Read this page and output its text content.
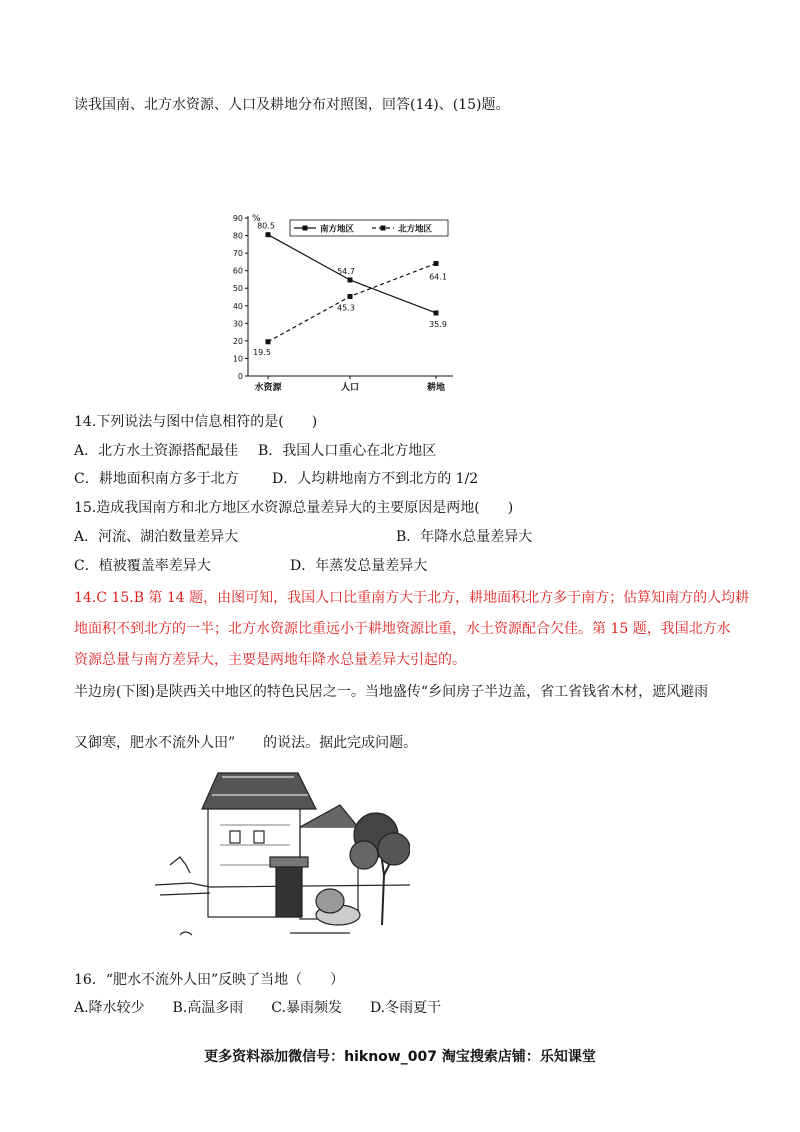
读我国南、北方水资源、人口及耕地分布对照图，回答(14)、(15)题。
0
10
20
30
40
50
60
70
80
90
水资源	人口	耕地
80.5
54.7
35.9
19.5
45.3
64.1
南方地区	北方地区
%
14.下列说法与图中信息相符的是(　　)
A．北方水土资源搭配最佳 B．我国人口重心在北方地区
C．耕地面积南方多于北方 D．人均耕地南方不到北方的 1/2
15.造成我国南方和北方地区水资源总量差异大的主要原因是两地(　　)
A．河流、湖泊数量差异大	B．年降水总量差异大
C．植被覆盖率差异大	D．年蒸发总量差异大
14.C 15.B 第 14 题，由图可知，我国人口比重南方大于北方，耕地面积北方多于南方；估算知南方的人均耕
地面积不到北方的一半；北方水资源比重远小于耕地资源比重，水土资源配合欠佳。第 15 题，我国北方水
资源总量与南方差异大，主要是两地年降水总量差异大引起的。
半边房(下图)是陕西关中地区的特色民居之一。当地盛传“乡间房子半边盖，省工省钱省木材，遮风避雨
又御寒，肥水不流外人田”　　的说法。据此完成问题。
16．“肥水不流外人田”反映了当地（　　）
A.降水较少　　B.高温多雨　　C.暴雨频发　　D.冬雨夏干
更多资料添加微信号：hiknow_007 淘宝搜索店铺：乐知课堂
